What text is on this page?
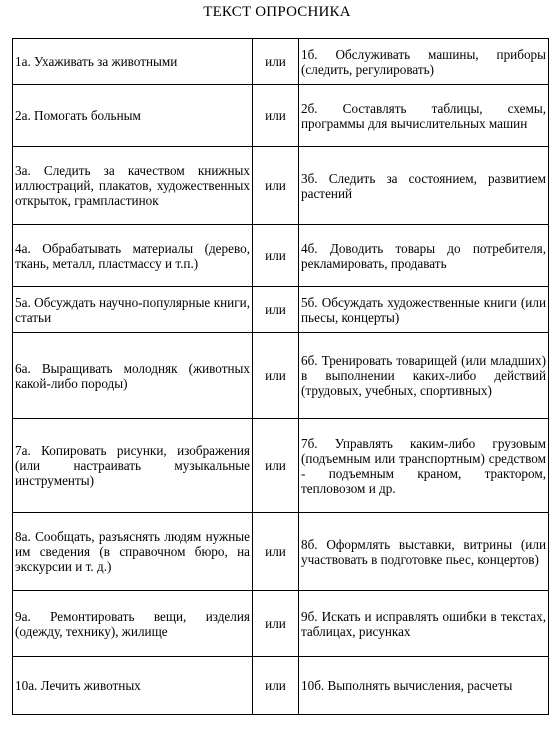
ТЕКСТ ОПРОСНИКА
1а. Ухаживать за животными	или	1б. Обслуживать машины, приборы (следить, регулировать)
2а. Помогать больным	или	2б. Составлять таблицы, схемы, программы для вычислительных машин
3а. Следить за качеством книжных иллюстраций, плакатов, художественных открыток, грампластинок	или	3б. Следить за состоянием, развитием растений
4а. Обрабатывать материалы (дерево, ткань, металл, пластмассу и т.п.)	или	4б. Доводить товары до потребителя, рекламировать, продавать
5а. Обсуждать научно-популярные книги, статьи	или	5б. Обсуждать художественные книги (или пьесы, концерты)
6а. Выращивать молодняк (животных какой-либо породы)	или	6б. Тренировать товарищей (или младших) в выполнении каких-либо действий (трудовых, учебных, спортивных)
7а. Копировать рисунки, изображения (или настраивать музыкальные инструменты)	или	7б. Управлять каким-либо грузовым (подъемным или транспортным) средством - подъемным краном, трактором, тепловозом и др.
8а. Сообщать, разъяснять людям нужные им сведения (в справочном бюро, на экскурсии и т. д.)	или	8б. Оформлять выставки, витрины (или участвовать в подготовке пьес, концертов)
9а. Ремонтировать вещи, изделия (одежду, технику), жилище	или	9б. Искать и исправлять ошибки в текстах, таблицах, рисунках
10а. Лечить животных	или	10б. Выполнять вычисления, расчеты
